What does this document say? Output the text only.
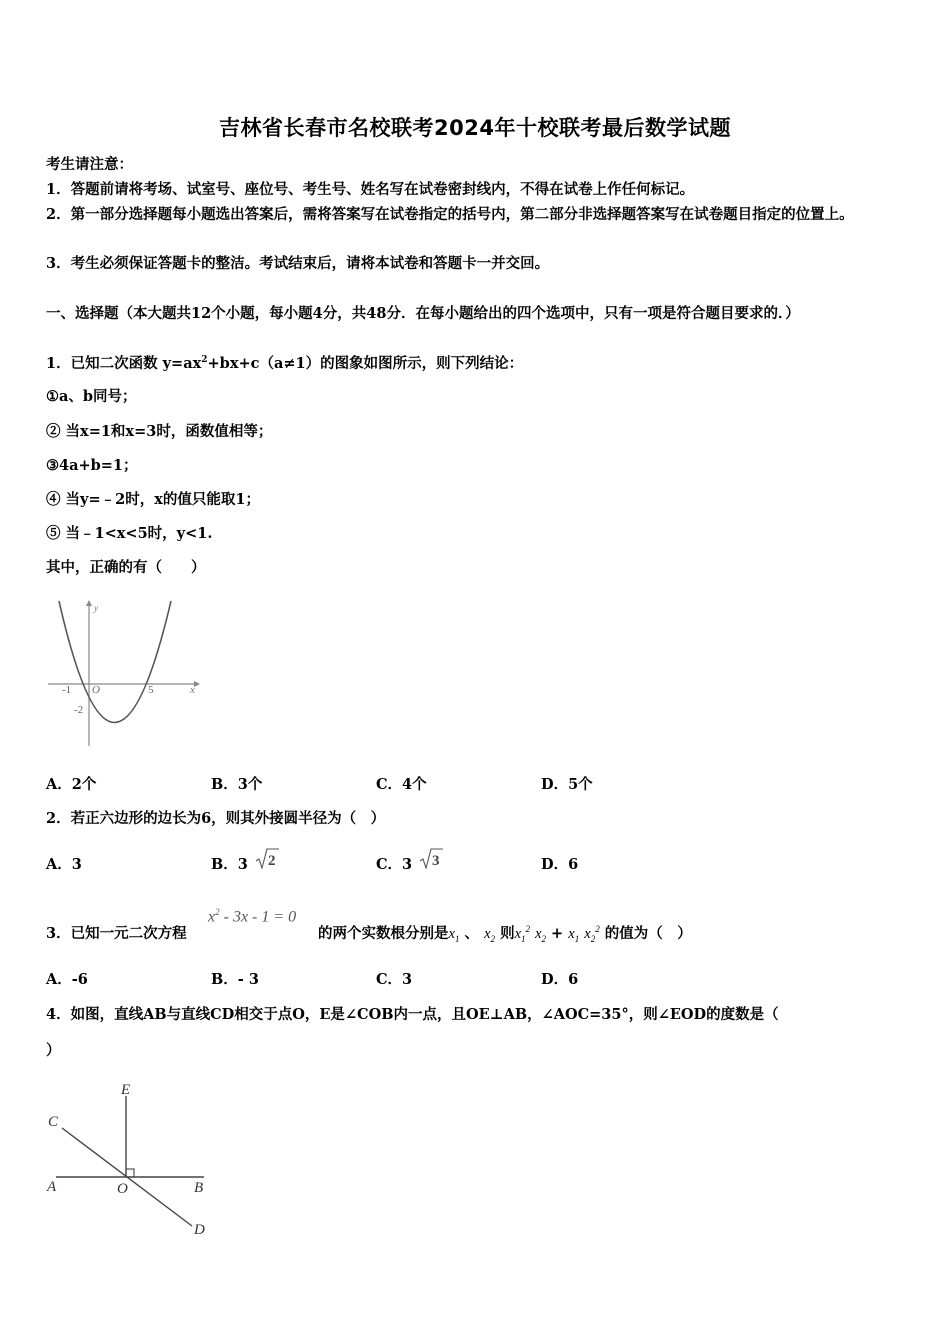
吉林省长春市名校联考2024年十校联考最后数学试题
考生请注意：
1．答题前请将考场、试室号、座位号、考生号、姓名写在试卷密封线内，不得在试卷上作任何标记。
2．第一部分选择题每小题选出答案后，需将答案写在试卷指定的括号内，第二部分非选择题答案写在试卷题目指定的位置上。
3．考生必须保证答题卡的整洁。考试结束后，请将本试卷和答题卡一并交回。
一、选择题（本大题共12个小题，每小题4分，共48分．在每小题给出的四个选项中，只有一项是符合题目要求的．）
1．已知二次函数 $y=ax^2+bx+c(a\ne 1)$的图象如图所示，则下列结论：
①a、b同号；
② 当x=1和x=3时，函数值相等；
③4a+b=1；
④ 当y=﹣2时，x的值只能取1；
⑤ 当﹣1<x<5时，y<1.
其中，正确的有（　　）
y
x
-1 O	5
-2
A．2个	B．3个	C．4个	D．5个
2．若正六边形的边长为6，则其外接圆半径为（　）
A．3	B．3 2	C．3 3	D．6
$x^2 - 3x - 1 = 0$
3．已知一元二次方程	的两个实数根分别是$x_1$ 、 $x_2$ 则$x_1^2$ $x_2 + x_1$ $x_2^2$ 的值为（　）
A．-6	B．- 3	C．3	D．6
4．如图，直线AB与直线CD相交于点O，E是∠COB内一点，且OE⊥AB，∠AOC=35°，则∠EOD的度数是（
）
E
C
A	O	B
D
